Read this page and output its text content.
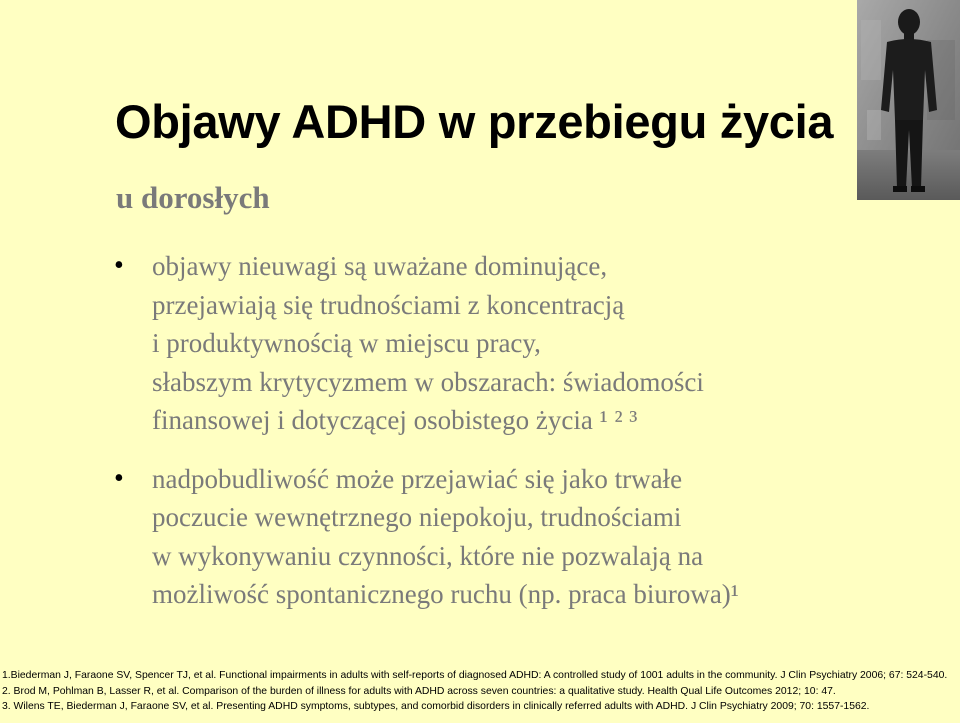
Objawy ADHD w przebiegu życia
u dorosłych
• objawy nieuwagi są uważane dominujące,
przejawiają się trudnościami z koncentracją
i produktywnością w miejscu pracy,
słabszym krytycyzmem w obszarach: świadomości
finansowej i dotyczącej osobistego życia ¹ ² ³
• nadpobudliwość może przejawiać się jako trwałe
poczucie wewnętrznego niepokoju, trudnościami
w wykonywaniu czynności, które nie pozwalają na
możliwość spontanicznego ruchu (np. praca biurowa)¹
1.Biederman J, Faraone SV, Spencer TJ, et al. Functional impairments in adults with self-reports of diagnosed ADHD: A controlled study of 1001 adults in the community. J Clin Psychiatry 2006; 67: 524-540.
2. Brod M, Pohlman B, Lasser R, et al. Comparison of the burden of illness for adults with ADHD across seven countries: a qualitative study. Health Qual Life Outcomes 2012; 10: 47.
3. Wilens TE, Biederman J, Faraone SV, et al. Presenting ADHD symptoms, subtypes, and comorbid disorders in clinically referred adults with ADHD. J Clin Psychiatry 2009; 70: 1557-1562.
